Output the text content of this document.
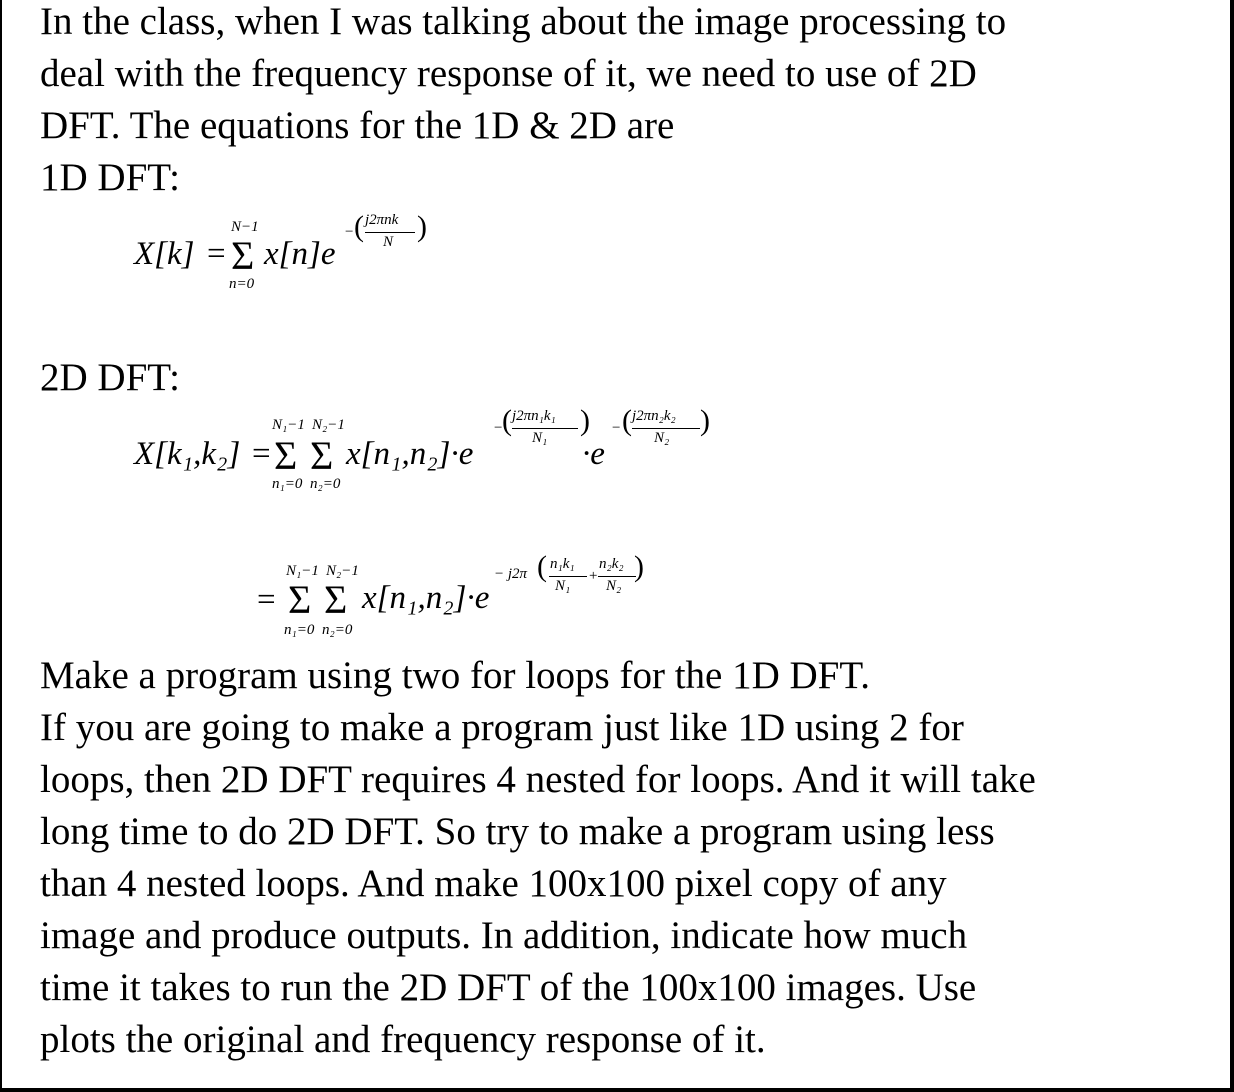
In the class, when I was talking about the image processing to
deal with the frequency response of it, we need to use of 2D
DFT. The equations for the 1D & 2D are
1D DFT:
X[k] =
N−1
Σ
n=0
x[n]e
− ( j2πnk
N )
2D DFT:
X[k₁,k₂] =
N₁−1 N₂−1
Σ Σ
n₁=0 n₂=0
x[n₁,n₂]·e
− ( j2πn₁k₁
N₁
)
·e
− ( j2πn₂k₂
N₂
)
=
N₁−1 N₂−1
Σ Σ
n₁=0 n₂=0
x[n₁,n₂]·e
− j2π ( n₁k₁
N₁
+
n₂k₂
N₂
)
Make a program using two for loops for the 1D DFT.
If you are going to make a program just like 1D using 2 for
loops, then 2D DFT requires 4 nested for loops. And it will take
long time to do 2D DFT. So try to make a program using less
than 4 nested loops. And make 100x100 pixel copy of any
image and produce outputs. In addition, indicate how much
time it takes to run the 2D DFT of the 100x100 images. Use
plots the original and frequency response of it.
